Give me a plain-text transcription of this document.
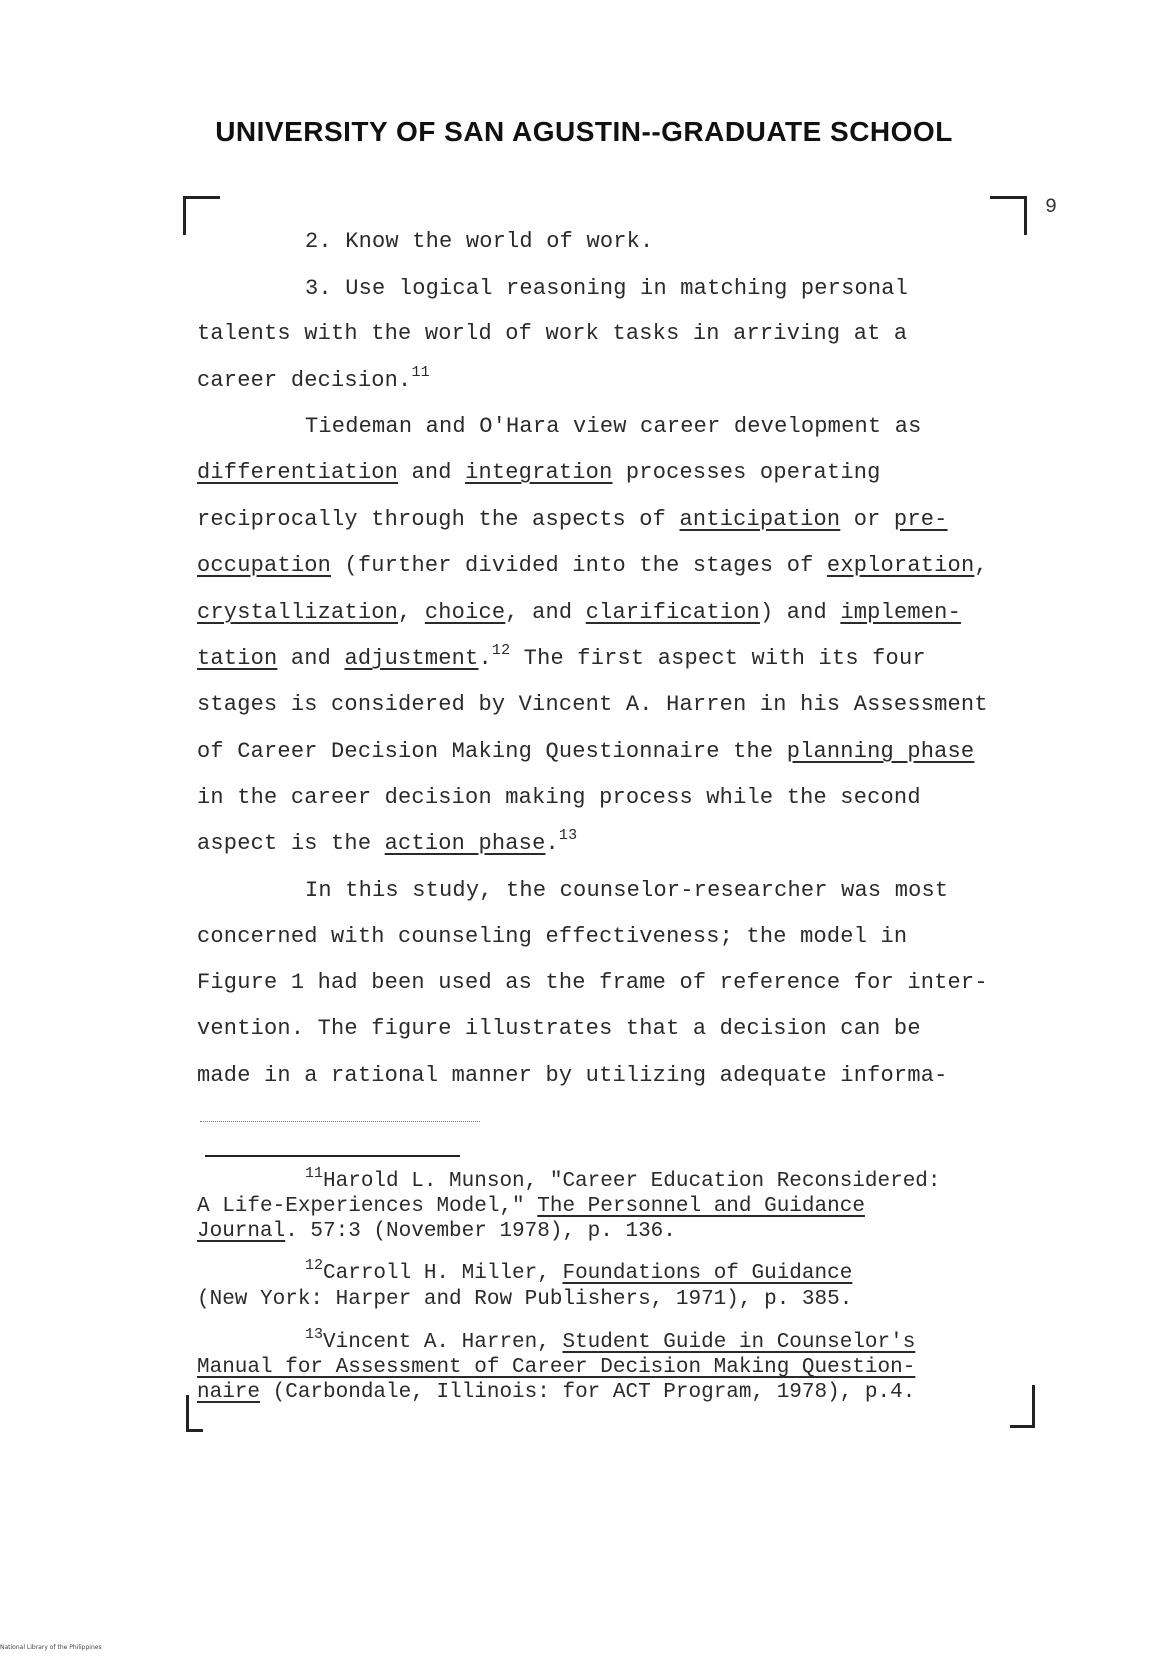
UNIVERSITY OF SAN AGUSTIN--GRADUATE SCHOOL
9
2. Know the world of work.
3. Use logical reasoning in matching personal
talents with the world of work tasks in arriving at a
career decision.$^{11}$
Tiedeman and O'Hara view career development as
differentiation and integration processes operating
reciprocally through the aspects of anticipation or pre-
occupation (further divided into the stages of exploration,
crystallization, choice, and clarification) and implemen-
tation and adjustment.$^{12}$ The first aspect with its four
stages is considered by Vincent A. Harren in his Assessment
of Career Decision Making Questionnaire the planning phase
in the career decision making process while the second
aspect is the action phase.$^{13}$
In this study, the counselor-researcher was most
concerned with counseling effectiveness; the model in
Figure 1 had been used as the frame of reference for inter-
vention. The figure illustrates that a decision can be
made in a rational manner by utilizing adequate informa-
$^{11}$Harold L. Munson, "Career Education Reconsidered:
A Life-Experiences Model," The Personnel and Guidance
Journal. 57:3 (November 1978), p. 136.
$^{12}$Carroll H. Miller, Foundations of Guidance
(New York: Harper and Row Publishers, 1971), p. 385.
$^{13}$Vincent A. Harren, Student Guide in Counselor's
Manual for Assessment of Career Decision Making Question-
naire (Carbondale, Illinois: for ACT Program, 1978), p.4.
National Library of the Philippines
